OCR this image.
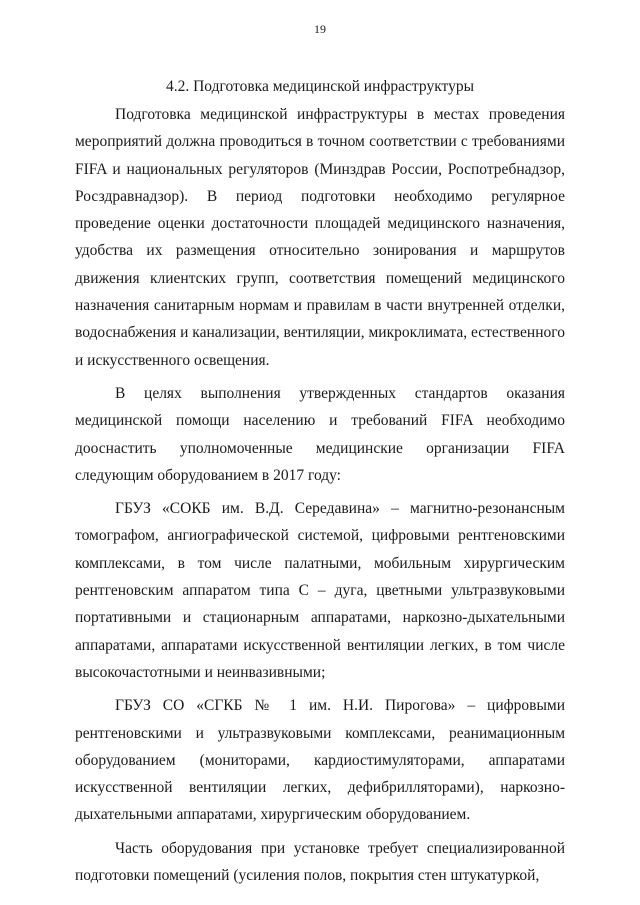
19
4.2. Подготовка медицинской инфраструктуры

Подготовка медицинской инфраструктуры в местах проведения мероприятий должна проводиться в точном соответствии с требованиями FIFA и национальных регуляторов (Минздрав России, Роспотребнадзор, Росздравнадзор). В период подготовки необходимо регулярное проведение оценки достаточности площадей медицинского назначения, удобства их размещения относительно зонирования и маршрутов движения клиентских групп, соответствия помещений медицинского назначения санитарным нормам и правилам в части внутренней отделки, водоснабжения и канализации, вентиляции, микроклимата, естественного и искусственного освещения.

В целях выполнения утвержденных стандартов оказания медицинской помощи населению и требований FIFA необходимо дооснастить уполномоченные медицинские организации FIFA следующим оборудованием в 2017 году:

ГБУЗ «СОКБ им. В.Д. Середавина» – магнитно-резонансным томографом, ангиографической системой, цифровыми рентгеновскими комплексами, в том числе палатными, мобильным хирургическим рентгеновским аппаратом типа С – дуга, цветными ультразвуковыми портативными и стационарным аппаратами, наркозно-дыхательными аппаратами, аппаратами искусственной вентиляции легких, в том числе высокочастотными и неинвазивными;

ГБУЗ СО «СГКБ № 1 им. Н.И. Пирогова» – цифровыми рентгеновскими и ультразвуковыми комплексами, реанимационным оборудованием (мониторами, кардиостимуляторами, аппаратами искусственной вентиляции легких, дефибрилляторами), наркозно-дыхательными аппаратами, хирургическим оборудованием.

Часть оборудования при установке требует специализированной подготовки помещений (усиления полов, покрытия стен штукатуркой,
